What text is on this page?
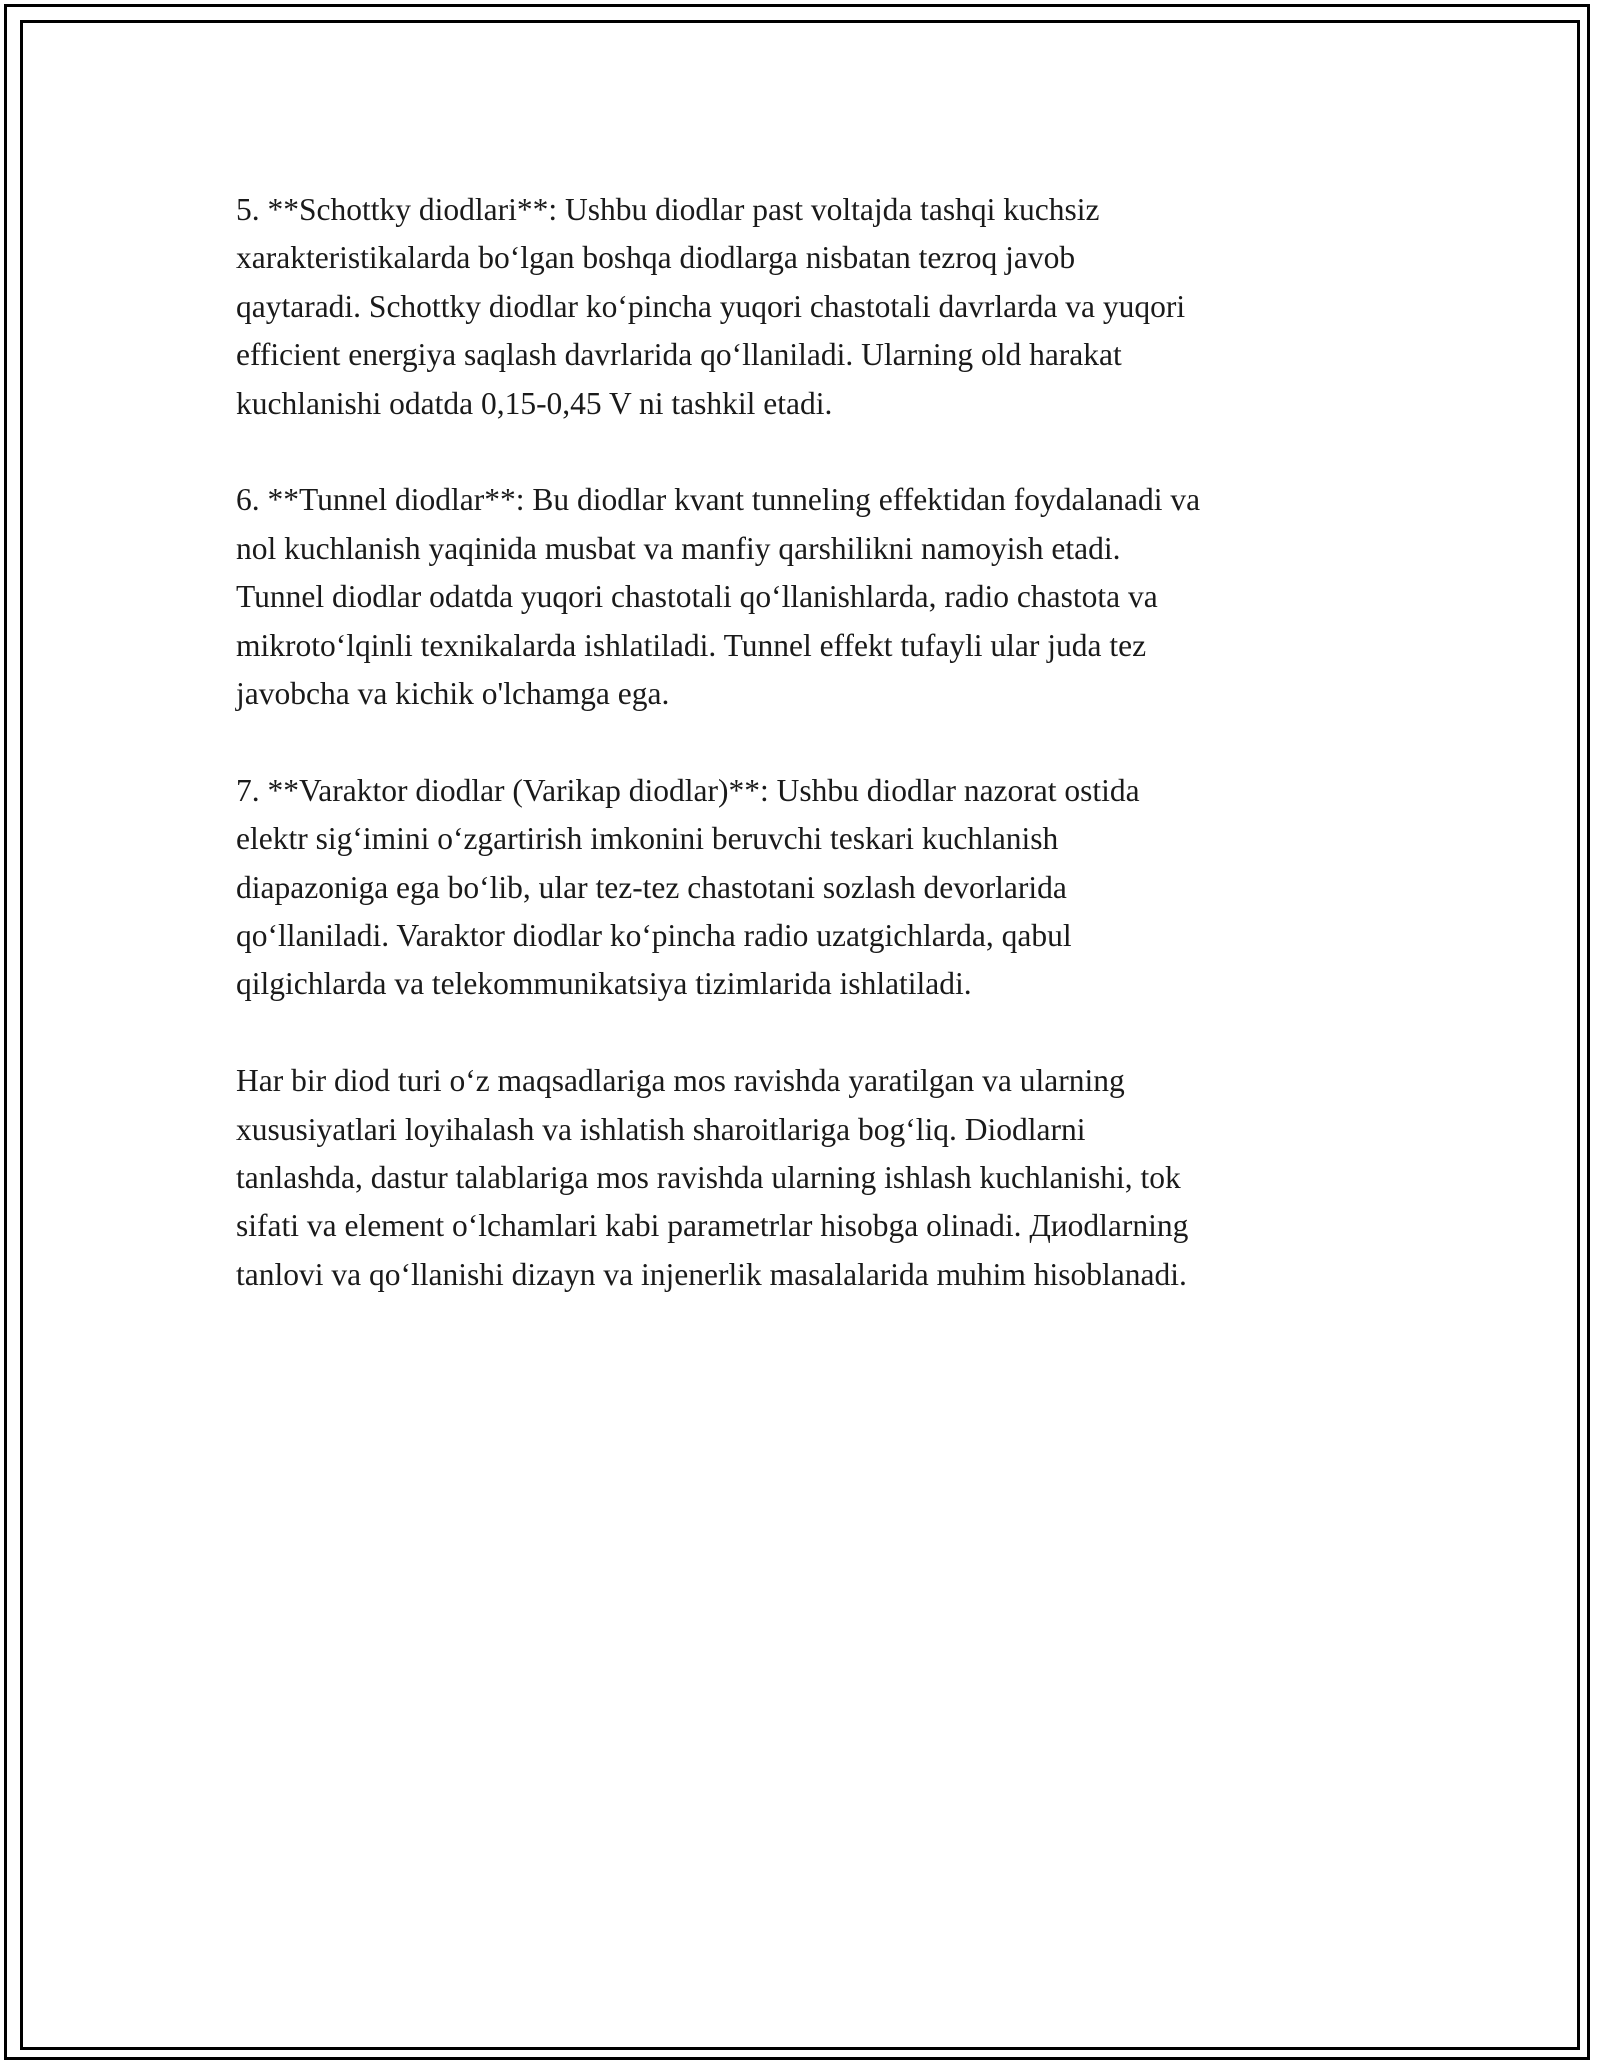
5. **Schottky diodlari**: Ushbu diodlar past voltajda tashqi kuchsiz
xarakteristikalarda bo‘lgan boshqa diodlarga nisbatan tezroq javob
qaytaradi. Schottky diodlar ko‘pincha yuqori chastotali davrlarda va yuqori
efficient energiya saqlash davrlarida qo‘llaniladi. Ularning old harakat
kuchlanishi odatda 0,15-0,45 V ni tashkil etadi.

6. **Tunnel diodlar**: Bu diodlar kvant tunneling effektidan foydalanadi va
nol kuchlanish yaqinida musbat va manfiy qarshilikni namoyish etadi.
Tunnel diodlar odatda yuqori chastotali qo‘llanishlarda, radio chastota va
mikroto‘lqinli texnikalarda ishlatiladi. Tunnel effekt tufayli ular juda tez
javobcha va kichik o'lchamga ega.

7. **Varaktor diodlar (Varikap diodlar)**: Ushbu diodlar nazorat ostida
elektr sig‘imini o‘zgartirish imkonini beruvchi teskari kuchlanish
diapazoniga ega bo‘lib, ular tez-tez chastotani sozlash devorlarida
qo‘llaniladi. Varaktor diodlar ko‘pincha radio uzatgichlarda, qabul
qilgichlarda va telekommunikatsiya tizimlarida ishlatiladi.

Har bir diod turi o‘z maqsadlariga mos ravishda yaratilgan va ularning
xususiyatlari loyihalash va ishlatish sharoitlariga bog‘liq. Diodlarni
tanlashda, dastur talablariga mos ravishda ularning ishlash kuchlanishi, tok
sifati va element o‘lchamlari kabi parametrlar hisobga olinadi. Диodlarning
tanlovi va qo‘llanishi dizayn va injenerlik masalalarida muhim hisoblanadi.
